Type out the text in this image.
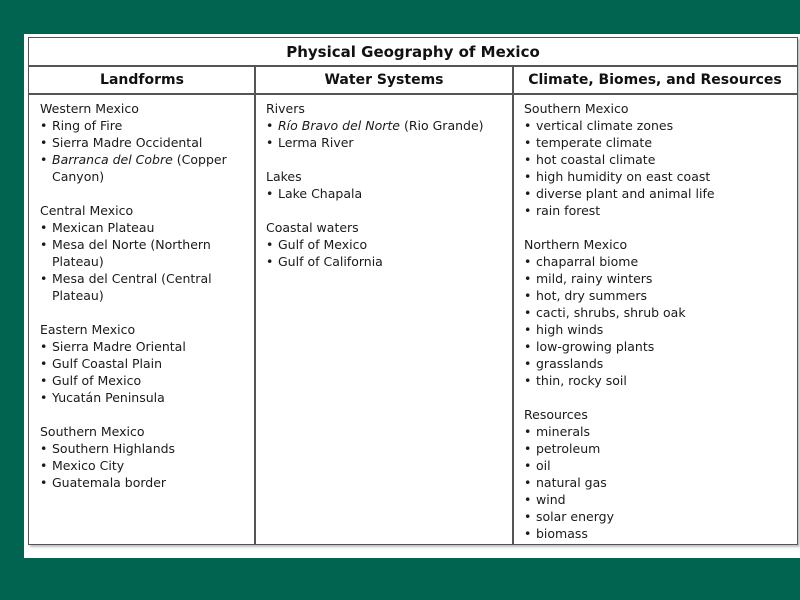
Physical Geography of Mexico
Landforms	Water Systems	Climate, Biomes, and Resources
Western Mexico
• Ring of Fire
• Sierra Madre Occidental
• Barranca del Cobre (Copper Canyon)
Central Mexico
• Mexican Plateau
• Mesa del Norte (Northern Plateau)
• Mesa del Central (Central Plateau)
Eastern Mexico
• Sierra Madre Oriental
• Gulf Coastal Plain
• Gulf of Mexico
• Yucatán Peninsula
Southern Mexico
• Southern Highlands
• Mexico City
• Guatemala border
Rivers
• Río Bravo del Norte (Rio Grande)
• Lerma River
Lakes
• Lake Chapala
Coastal waters
• Gulf of Mexico
• Gulf of California
Southern Mexico
• vertical climate zones
• temperate climate
• hot coastal climate
• high humidity on east coast
• diverse plant and animal life
• rain forest
Northern Mexico
• chaparral biome
• mild, rainy winters
• hot, dry summers
• cacti, shrubs, shrub oak
• high winds
• low-growing plants
• grasslands
• thin, rocky soil
Resources
• minerals
• petroleum
• oil
• natural gas
• wind
• solar energy
• biomass
